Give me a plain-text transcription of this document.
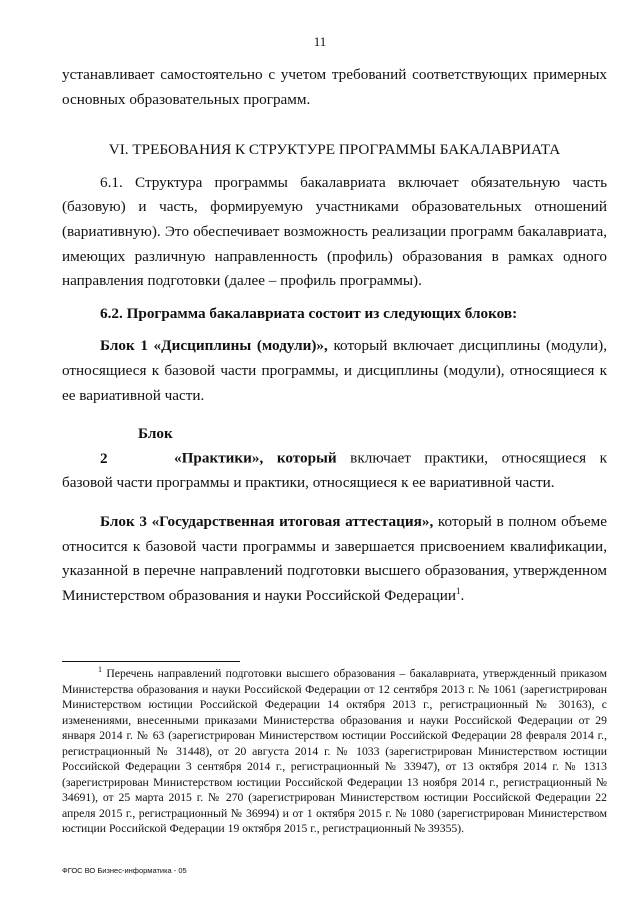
11

устанавливает самостоятельно с учетом требований соответствующих примерных основных образовательных программ.

VI. ТРЕБОВАНИЯ К СТРУКТУРЕ ПРОГРАММЫ БАКАЛАВРИАТА

6.1. Структура программы бакалавриата включает обязательную часть (базовую) и часть, формируемую участниками образовательных отношений (вариативную). Это обеспечивает возможность реализации программ бакалавриата, имеющих различную направленность (профиль) образования в рамках одного направления подготовки (далее – профиль программы).

6.2. Программа бакалавриата состоит из следующих блоков:

Блок 1 «Дисциплины (модули)», который включает дисциплины (модули), относящиеся к базовой части программы, и дисциплины (модули), относящиеся к ее вариативной части.

Блок 2	«Практики», который включает практики, относящиеся к базовой части программы и практики, относящиеся к ее вариативной части.

Блок 3 «Государственная итоговая аттестация», который в полном объеме относится к базовой части программы и завершается присвоением квалификации, указанной в перечне направлений подготовки высшего образования, утвержденном Министерством образования и науки Российской Федерации$^1$.

$^1$ Перечень направлений подготовки высшего образования – бакалавриата, утвержденный приказом Министерства образования и науки Российской Федерации от 12 сентября 2013 г. № 1061 (зарегистрирован Министерством юстиции Российской Федерации 14 октября 2013 г., регистрационный № 30163), с изменениями, внесенными приказами Министерства образования и науки Российской Федерации от 29 января 2014 г. № 63 (зарегистрирован Министерством юстиции Российской Федерации 28 февраля 2014 г., регистрационный № 31448), от 20 августа 2014 г. № 1033 (зарегистрирован Министерством юстиции Российской Федерации 3 сентября 2014 г., регистрационный № 33947), от 13 октября 2014 г. № 1313 (зарегистрирован Министерством юстиции Российской Федерации 13 ноября 2014 г., регистрационный № 34691), от 25 марта 2015 г. № 270 (зарегистрирован Министерством юстиции Российской Федерации 22 апреля 2015 г., регистрационный № 36994) и от 1 октября 2015 г. № 1080 (зарегистрирован Министерством юстиции Российской Федерации 19 октября 2015 г., регистрационный № 39355).

ФГОС ВО Бизнес-информатика - 05
